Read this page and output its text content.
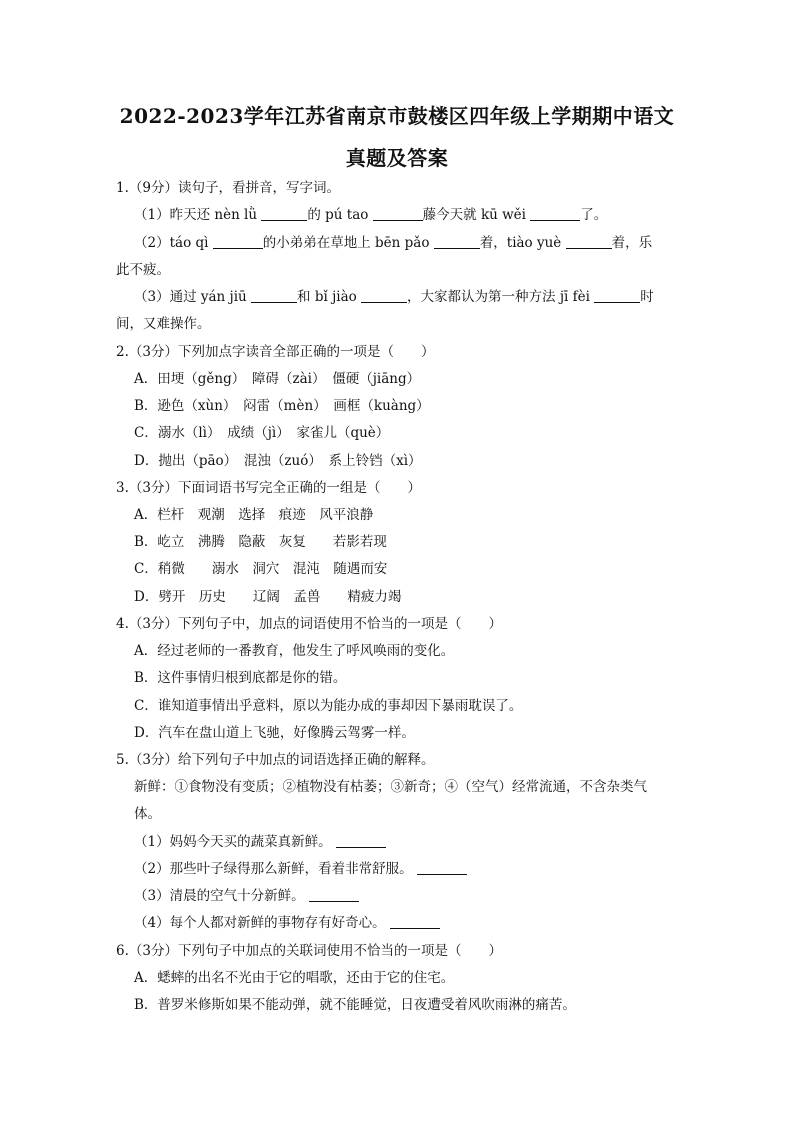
2022-2023学年江苏省南京市鼓楼区四年级上学期期中语文
真题及答案
1.（9分）读句子，看拼音，写字词。
（1）昨天还 nèn lǜ	的 pú tao	藤今天就 kū wěi	了。
（2）táo qì	的小弟弟在草地上 bēn pǎo	着，tiào yuè	着，乐
此不疲。
（3）通过 yán jiū	和 bǐ jiào	，大家都认为第一种方法 jī fèi	时
间，又难操作。
2.（3分）下列加点字读音全部正确的一项是（　　）
A．田埂（gěng）　障碍（zài）　僵硬（jiāng）
B．逊色（xùn）　闷雷（mèn）　画框（kuàng）
C．溺水（lì）　成绩（jì）　家雀儿（què）
D．抛出（pāo）　混浊（zuó）　系上铃铛（xì）
3.（3分）下面词语书写完全正确的一组是（　　）
A．栏杆　观潮　选择　痕迹　风平浪静
B．屹立　沸腾　隐蔽　灰复　　若影若现
C．稍微　　溺水　洞穴　混沌　随遇而安
D．劈开　历史　　辽阔　孟兽　　精疲力竭
4.（3分）下列句子中，加点的词语使用不恰当的一项是（　　）
A．经过老师的一番教育，他发生了呼风唤雨的变化。
B．这件事情归根到底都是你的错。
C．谁知道事情出乎意料，原以为能办成的事却因下暴雨耽误了。
D．汽车在盘山道上飞驰，好像腾云驾雾一样。
5.（3分）给下列句子中加点的词语选择正确的解释。
新鲜：①食物没有变质；②植物没有枯萎；③新奇；④（空气）经常流通，不含杂类气
体。
（1）妈妈今天买的蔬菜真新鲜。
（2）那些叶子绿得那么新鲜，看着非常舒服。
（3）清晨的空气十分新鲜。
（4）每个人都对新鲜的事物存有好奇心。
6.（3分）下列句子中加点的关联词使用不恰当的一项是（　　）
A．蟋蟀的出名不光由于它的唱歌，还由于它的住宅。
B．普罗米修斯如果不能动弹，就不能睡觉，日夜遭受着风吹雨淋的痛苦。
